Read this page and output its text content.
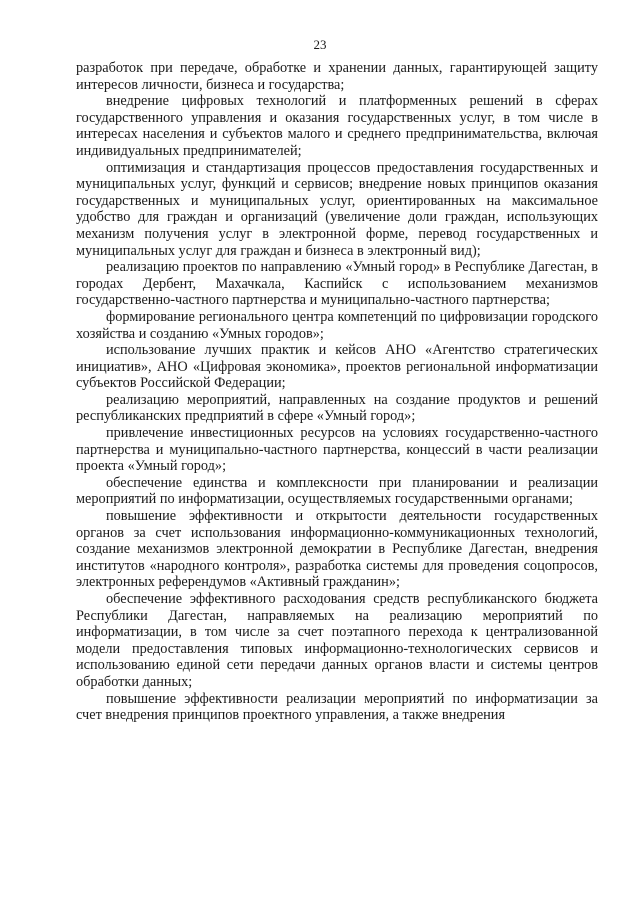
23

разработок при передаче, обработке и хранении данных, гарантирующей защиту интересов личности, бизнеса и государства;

внедрение цифровых технологий и платформенных решений в сферах государственного управления и оказания государственных услуг, в том числе в интересах населения и субъектов малого и среднего предпринимательства, включая индивидуальных предпринимателей;

оптимизация и стандартизация процессов предоставления государственных и муниципальных услуг, функций и сервисов; внедрение новых принципов оказания государственных и муниципальных услуг, ориентированных на максимальное удобство для граждан и организаций (увеличение доли граждан, использующих механизм получения услуг в электронной форме, перевод государственных и муниципальных услуг для граждан и бизнеса в электронный вид);

реализацию проектов по направлению «Умный город» в Республике Дагестан, в городах Дербент, Махачкала, Каспийск с использованием механизмов государственно-частного партнерства и муниципально-частного партнерства;

формирование регионального центра компетенций по цифровизации городского хозяйства и созданию «Умных городов»;

использование лучших практик и кейсов АНО «Агентство стратегических инициатив», АНО «Цифровая экономика», проектов региональной информатизации субъектов Российской Федерации;

реализацию мероприятий, направленных на создание продуктов и решений республиканских предприятий в сфере «Умный город»;

привлечение инвестиционных ресурсов на условиях государственно-частного партнерства и муниципально-частного партнерства, концессий в части реализации проекта «Умный город»;

обеспечение единства и комплексности при планировании и реализации мероприятий по информатизации, осуществляемых государственными органами;

повышение эффективности и открытости деятельности государственных органов за счет использования информационно-коммуникационных технологий, создание механизмов электронной демократии в Республике Дагестан, внедрения институтов «народного контроля», разработка системы для проведения соцопросов, электронных референдумов «Активный гражданин»;

обеспечение эффективного расходования средств республиканского бюджета Республики Дагестан, направляемых на реализацию мероприятий по информатизации, в том числе за счет поэтапного перехода к централизованной модели предоставления типовых информационно-технологических сервисов и использованию единой сети передачи данных органов власти и системы центров обработки данных;

повышение эффективности реализации мероприятий по информатизации за счет внедрения принципов проектного управления, а также внедрения
